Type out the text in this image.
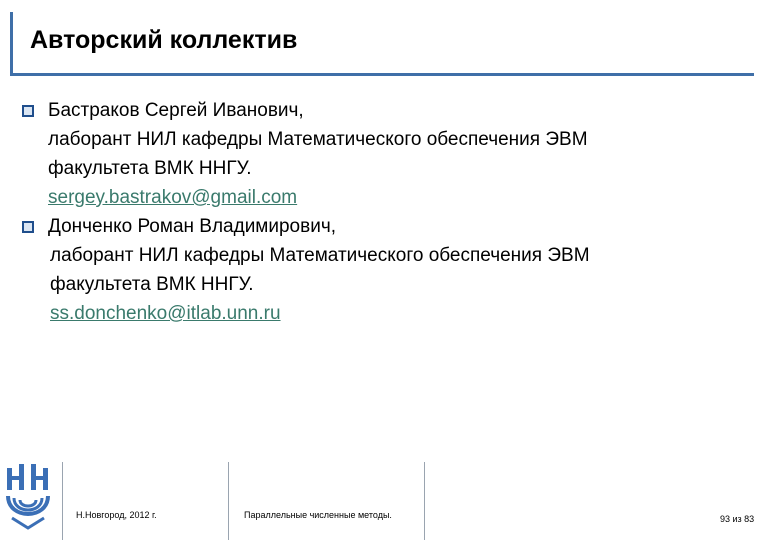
Авторский коллектив
Бастраков Сергей Иванович,
лаборант НИЛ кафедры Математического обеспечения ЭВМ
факультета ВМК ННГУ.
sergey.bastrakov@gmail.com
Донченко Роман Владимирович,
лаборант НИЛ кафедры Математического обеспечения ЭВМ
факультета ВМК ННГУ.
ss.donchenko@itlab.unn.ru
Н.Новгород, 2012 г.	Параллельные численные методы.	93 из 83
